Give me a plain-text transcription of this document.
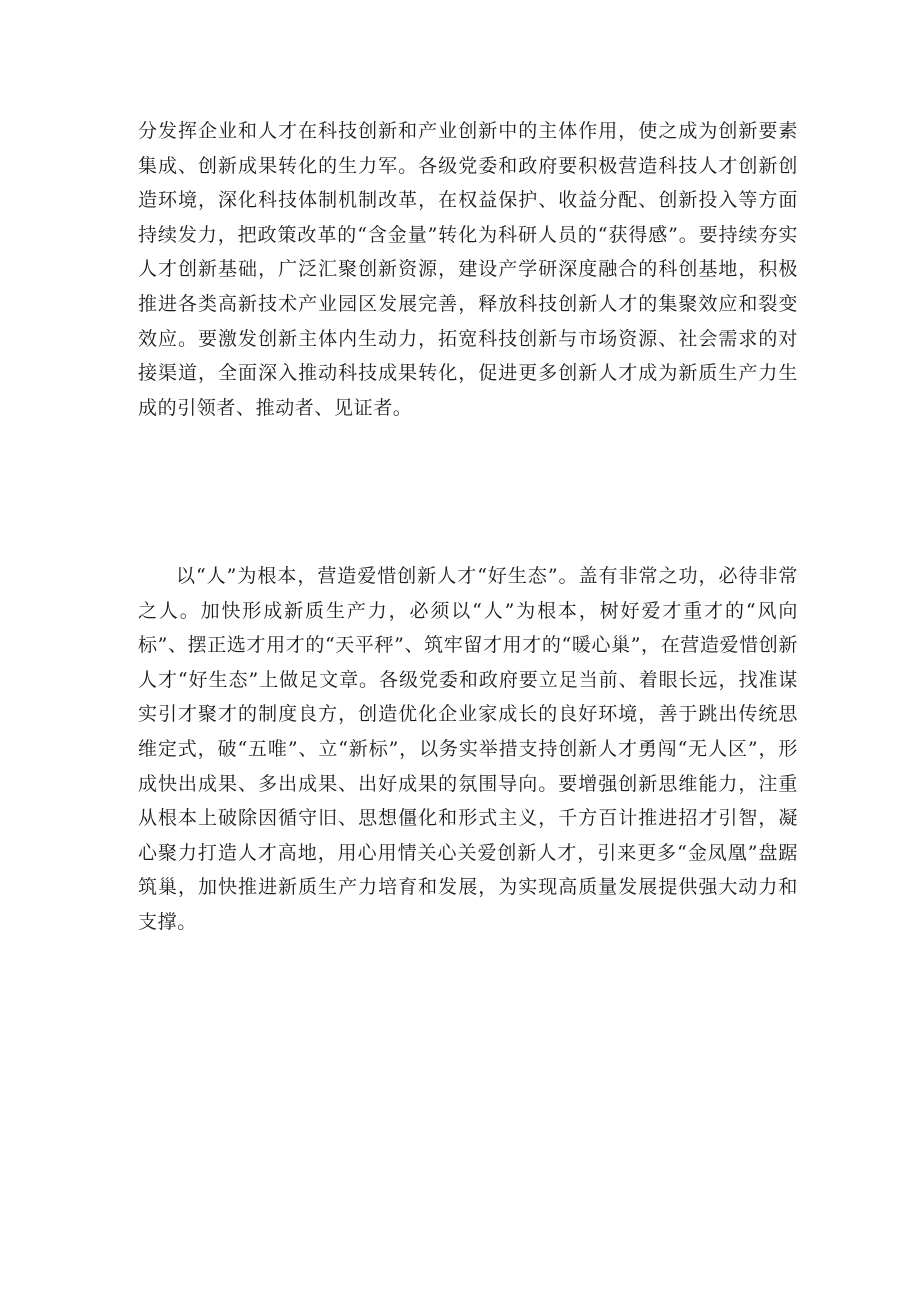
分发挥企业和人才在科技创新和产业创新中的主体作用，使之成为创新要素集成、创新成果转化的生力军。各级党委和政府要积极营造科技人才创新创造环境，深化科技体制机制改革，在权益保护、收益分配、创新投入等方面持续发力，把政策改革的“含金量”转化为科研人员的“获得感”。要持续夯实人才创新基础，广泛汇聚创新资源，建设产学研深度融合的科创基地，积极推进各类高新技术产业园区发展完善，释放科技创新人才的集聚效应和裂变效应。要激发创新主体内生动力，拓宽科技创新与市场资源、社会需求的对接渠道，全面深入推动科技成果转化，促进更多创新人才成为新质生产力生成的引领者、推动者、见证者。

以“人”为根本，营造爱惜创新人才“好生态”。盖有非常之功，必待非常之人。加快形成新质生产力，必须以“人”为根本，树好爱才重才的“风向标”、摆正选才用才的“天平秤”、筑牢留才用才的“暖心巢”，在营造爱惜创新人才“好生态”上做足文章。各级党委和政府要立足当前、着眼长远，找准谋实引才聚才的制度良方，创造优化企业家成长的良好环境，善于跳出传统思维定式，破“五唯”、立“新标”，以务实举措支持创新人才勇闯“无人区”，形成快出成果、多出成果、出好成果的氛围导向。要增强创新思维能力，注重从根本上破除因循守旧、思想僵化和形式主义，千方百计推进招才引智，凝心聚力打造人才高地，用心用情关心关爱创新人才，引来更多“金凤凰”盘踞筑巢，加快推进新质生产力培育和发展，为实现高质量发展提供强大动力和支撑。
